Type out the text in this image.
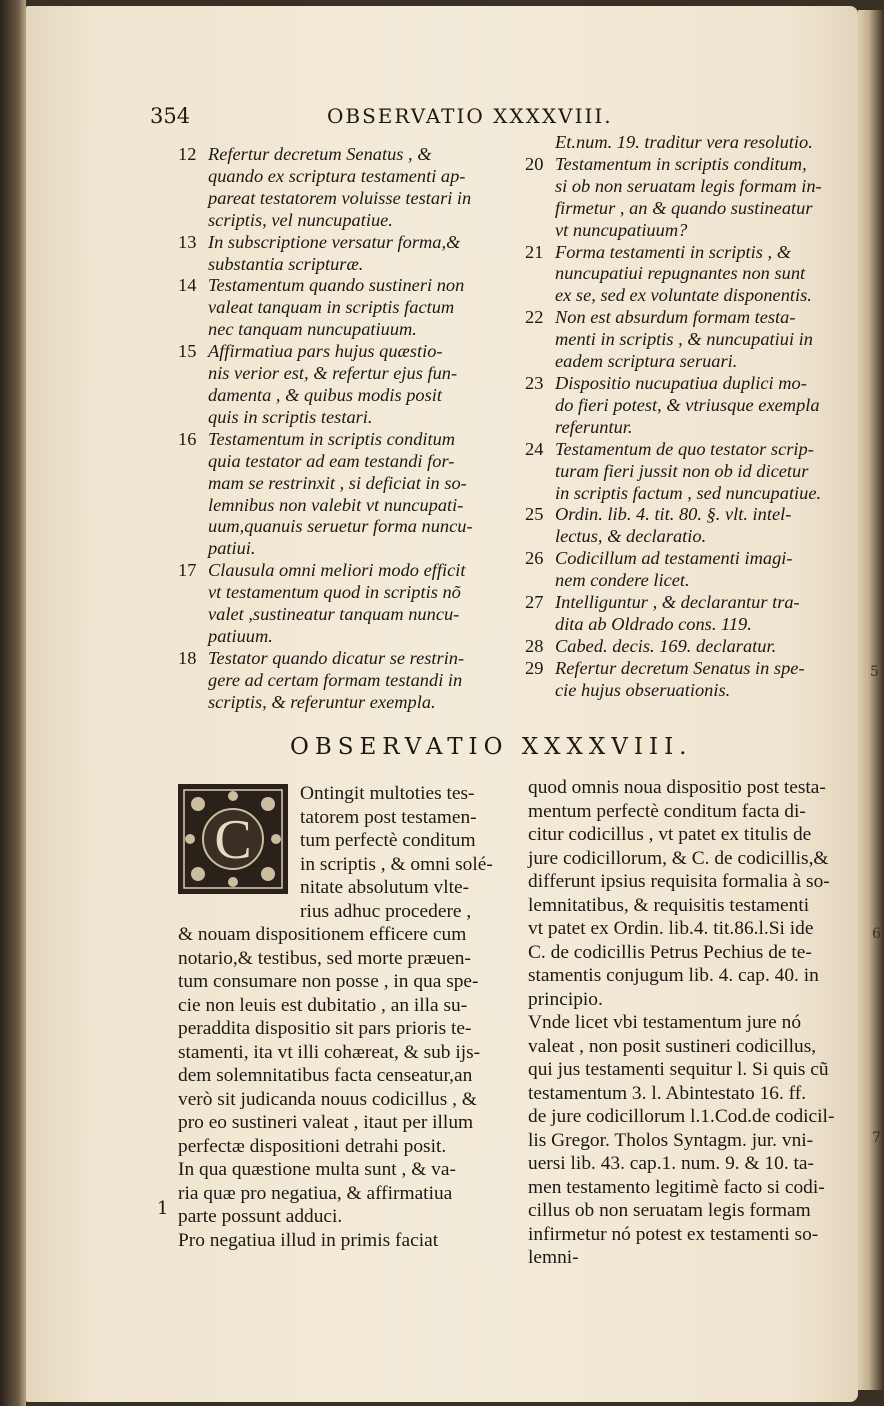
354	OBSERVATIO XXXXVIII.
12 Refertur decretum Senatus , &
quando ex scriptura testamenti ap-
pareat testatorem voluisse testari in
scriptis, vel nuncupatiue.
13 In subscriptione versatur forma,&
substantia scripturæ.
14 Testamentum quando sustineri non
valeat tanquam in scriptis factum
nec tanquam nuncupatiuum.
15 Affirmatiua pars hujus quæstio-
nis verior est, & refertur ejus fun-
damenta , & quibus modis posit
quis in scriptis testari.
16 Testamentum in scriptis conditum
quia testator ad eam testandi for-
mam se restrinxit , si deficiat in so-
lemnibus non valebit vt nuncupati-
uum,quanuis seruetur forma nuncu-
patiui.
17 Clausula omni meliori modo efficit
vt testamentum quod in scriptis nõ
valet ,sustineatur tanquam nuncu-
patiuum.
18 Testator quando dicatur se restrin-
gere ad certam formam testandi in
scriptis, & referuntur exempla.
Et.num. 19. traditur vera resolutio.
20 Testamentum in scriptis conditum,
si ob non seruatam legis formam in-
firmetur , an & quando sustineatur
vt nuncupatiuum?
21 Forma testamenti in scriptis , &
nuncupatiui repugnantes non sunt
ex se, sed ex voluntate disponentis.
22 Non est absurdum formam testa-
menti in scriptis , & nuncupatiui in
eadem scriptura seruari.
23 Dispositio nucupatiua duplici mo-
do fieri potest, & vtriusque exempla
referuntur.
24 Testamentum de quo testator scrip-
turam fieri jussit non ob id dicetur
in scriptis factum , sed nuncupatiue.
25 Ordin. lib. 4. tit. 80. §. vlt. intel-
lectus, & declaratio.
26 Codicillum ad testamenti imagi-
nem condere licet.
27 Intelliguntur , & declarantur tra-
dita ab Oldrado cons. 119.
28 Cabed. decis. 169. declaratur.
29 Refertur decretum Senatus in spe-
cie hujus obseruationis.
OBSERVATIO XXXXVIII.
C
Ontingit multoties tes-
tatorem post testamen-
tum perfectè conditum
in scriptis , & omni solé-
nitate absolutum vlte-
rius adhuc procedere ,
& nouam dispositionem efficere cum
notario,& testibus, sed morte præuen-
tum consumare non posse , in qua spe-
cie non leuis est dubitatio , an illa su-
peraddita dispositio sit pars prioris te-
stamenti, ita vt illi cohæreat, & sub ijs-
dem solemnitatibus facta censeatur,an
verò sit judicanda nouus codicillus , &
pro eo sustineri valeat , itaut per illum
perfectæ dispositioni detrahi posit.
In qua quæstione multa sunt , & va-
ria quæ pro negatiua, & affirmatiua
parte possunt adduci.
Pro negatiua illud in primis faciat
quod omnis noua dispositio post testa-
mentum perfectè conditum facta di-
citur codicillus , vt patet ex titulis de
jure codicillorum, & C. de codicillis,&
differunt ipsius requisita formalia à so-
lemnitatibus, & requisitis testamenti
vt patet ex Ordin. lib.4. tit.86.l.Si ide
C. de codicillis Petrus Pechius de te-
stamentis conjugum lib. 4. cap. 40. in
principio.
Vnde licet vbi testamentum jure nó
valeat , non posit sustineri codicillus,
qui jus testamenti sequitur l. Si quis cũ
testamentum 3. l. Abintestato 16. ff.
de jure codicillorum l.1.Cod.de codicil-
lis Gregor. Tholos Syntagm. jur. vni-
uersi lib. 43. cap.1. num. 9. & 10. ta-
men testamento legitimè facto si codi-
cillus ob non seruatam legis formam
infirmetur nó potest ex testamenti so-
lemni-
1
5
6
7
